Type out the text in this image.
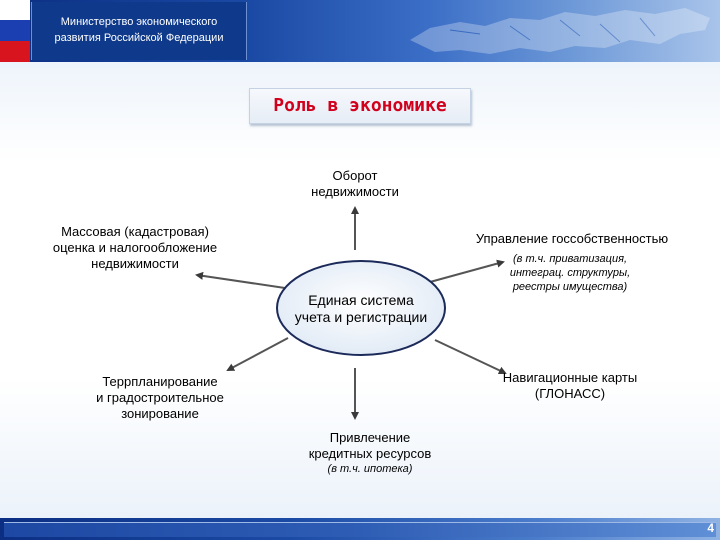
Министерство экономического
развития Российской Федерации
Роль в экономике
Единая система
учета и регистрации
Оборот
недвижимости
Массовая (кадастровая)
оценка и налогообложение
недвижимости
Управление госсобственностью
(в т.ч. приватизация,
интеграц. структуры,
реестры имущества)
Террпланирование
и градостроительное
зонирование
Навигационные карты
(ГЛОНАСС)
Привлечение
кредитных ресурсов
(в т.ч. ипотека)
4
